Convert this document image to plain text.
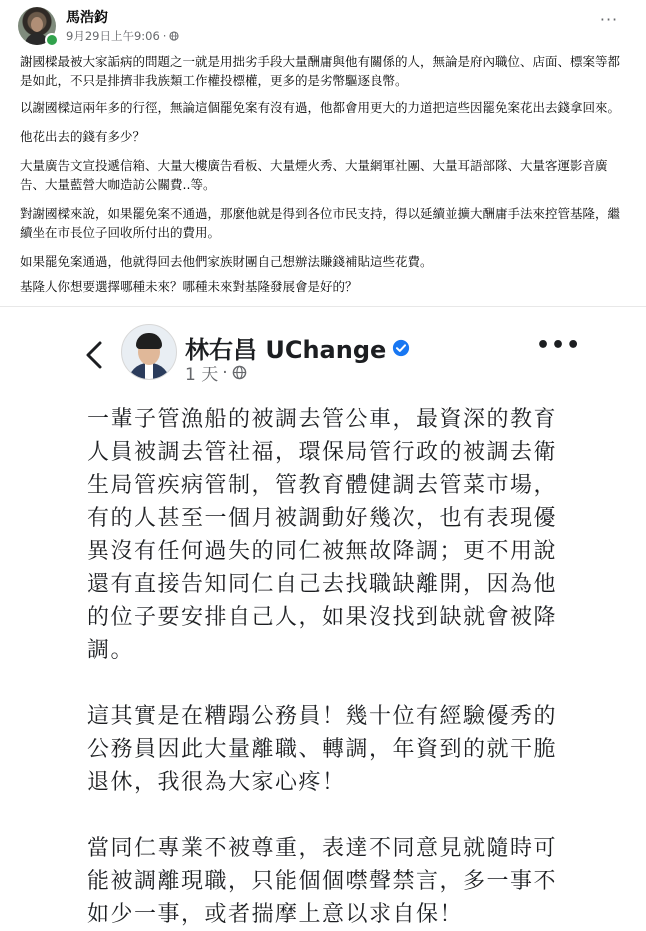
馬浩鈞
9月29日上午9:06 ·
···

謝國樑最被大家詬病的問題之一就是用拙劣手段大量酬庸與他有關係的人，無論是府內職位、店面、標案等都是如此，不只是排擠非我族類工作權投標權，更多的是劣幣驅逐良幣。

以謝國樑這兩年多的行徑，無論這個罷免案有沒有過，他都會用更大的力道把這些因罷免案花出去錢拿回來。

他花出去的錢有多少？

大量廣告文宣投遞信箱、大量大樓廣告看板、大量煙火秀、大量網軍社團、大量耳語部隊、大量客運影音廣告、大量藍營大咖造訪公關費..等。

對謝國樑來說，如果罷免案不通過，那麼他就是得到各位市民支持，得以延續並擴大酬庸手法來控管基隆，繼續坐在市長位子回收所付出的費用。

如果罷免案通過，他就得回去他們家族財團自己想辦法賺錢補貼這些花費。

基隆人你想要選擇哪種未來？哪種未來對基隆發展會是好的？

林右昌 UChange
1 天 ·
•••

一輩子管漁船的被調去管公車，最資深的教育人員被調去管社福，環保局管行政的被調去衛生局管疾病管制，管教育體健調去管菜市場，有的人甚至一個月被調動好幾次，也有表現優異沒有任何過失的同仁被無故降調；更不用說還有直接告知同仁自己去找職缺離開，因為他的位子要安排自己人，如果沒找到缺就會被降調。

這其實是在糟蹋公務員！幾十位有經驗優秀的公務員因此大量離職、轉調，年資到的就干脆退休，我很為大家心疼！

當同仁專業不被尊重，表達不同意見就隨時可能被調離現職，只能個個噤聲禁言，多一事不如少一事，或者揣摩上意以求自保！
